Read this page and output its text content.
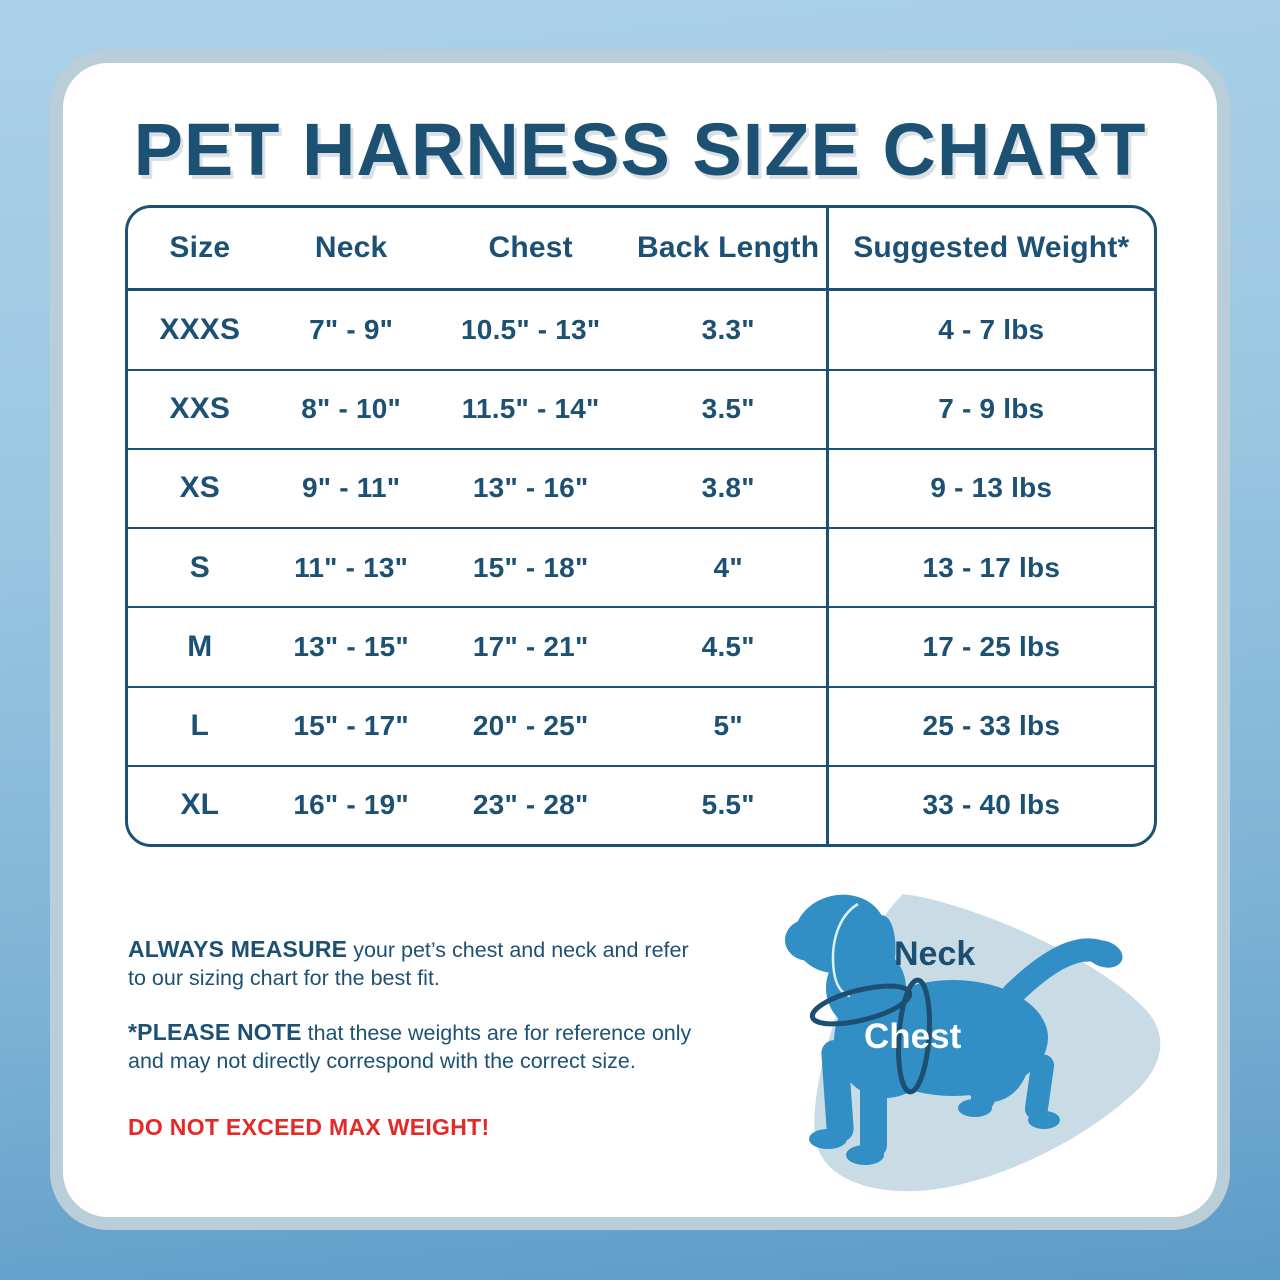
PET HARNESS SIZE CHART
Size	Neck	Chest	Back Length	Suggested Weight*
XXXS	7" - 9"	10.5" - 13"	3.3"	4 - 7 lbs
XXS	8" - 10"	11.5" - 14"	3.5"	7 - 9 lbs
XS	9" - 11"	13" - 16"	3.8"	9 - 13 lbs
S	11" - 13"	15" - 18"	4"	13 - 17 lbs
M	13" - 15"	17" - 21"	4.5"	17 - 25 lbs
L	15" - 17"	20" - 25"	5"	25 - 33 lbs
XL	16" - 19"	23" - 28"	5.5"	33 - 40 lbs

ALWAYS MEASURE your pet’s chest and neck and refer
to our sizing chart for the best fit.

*PLEASE NOTE that these weights are for reference only
and may not directly correspond with the correct size.

DO NOT EXCEED MAX WEIGHT!

Neck
Chest
